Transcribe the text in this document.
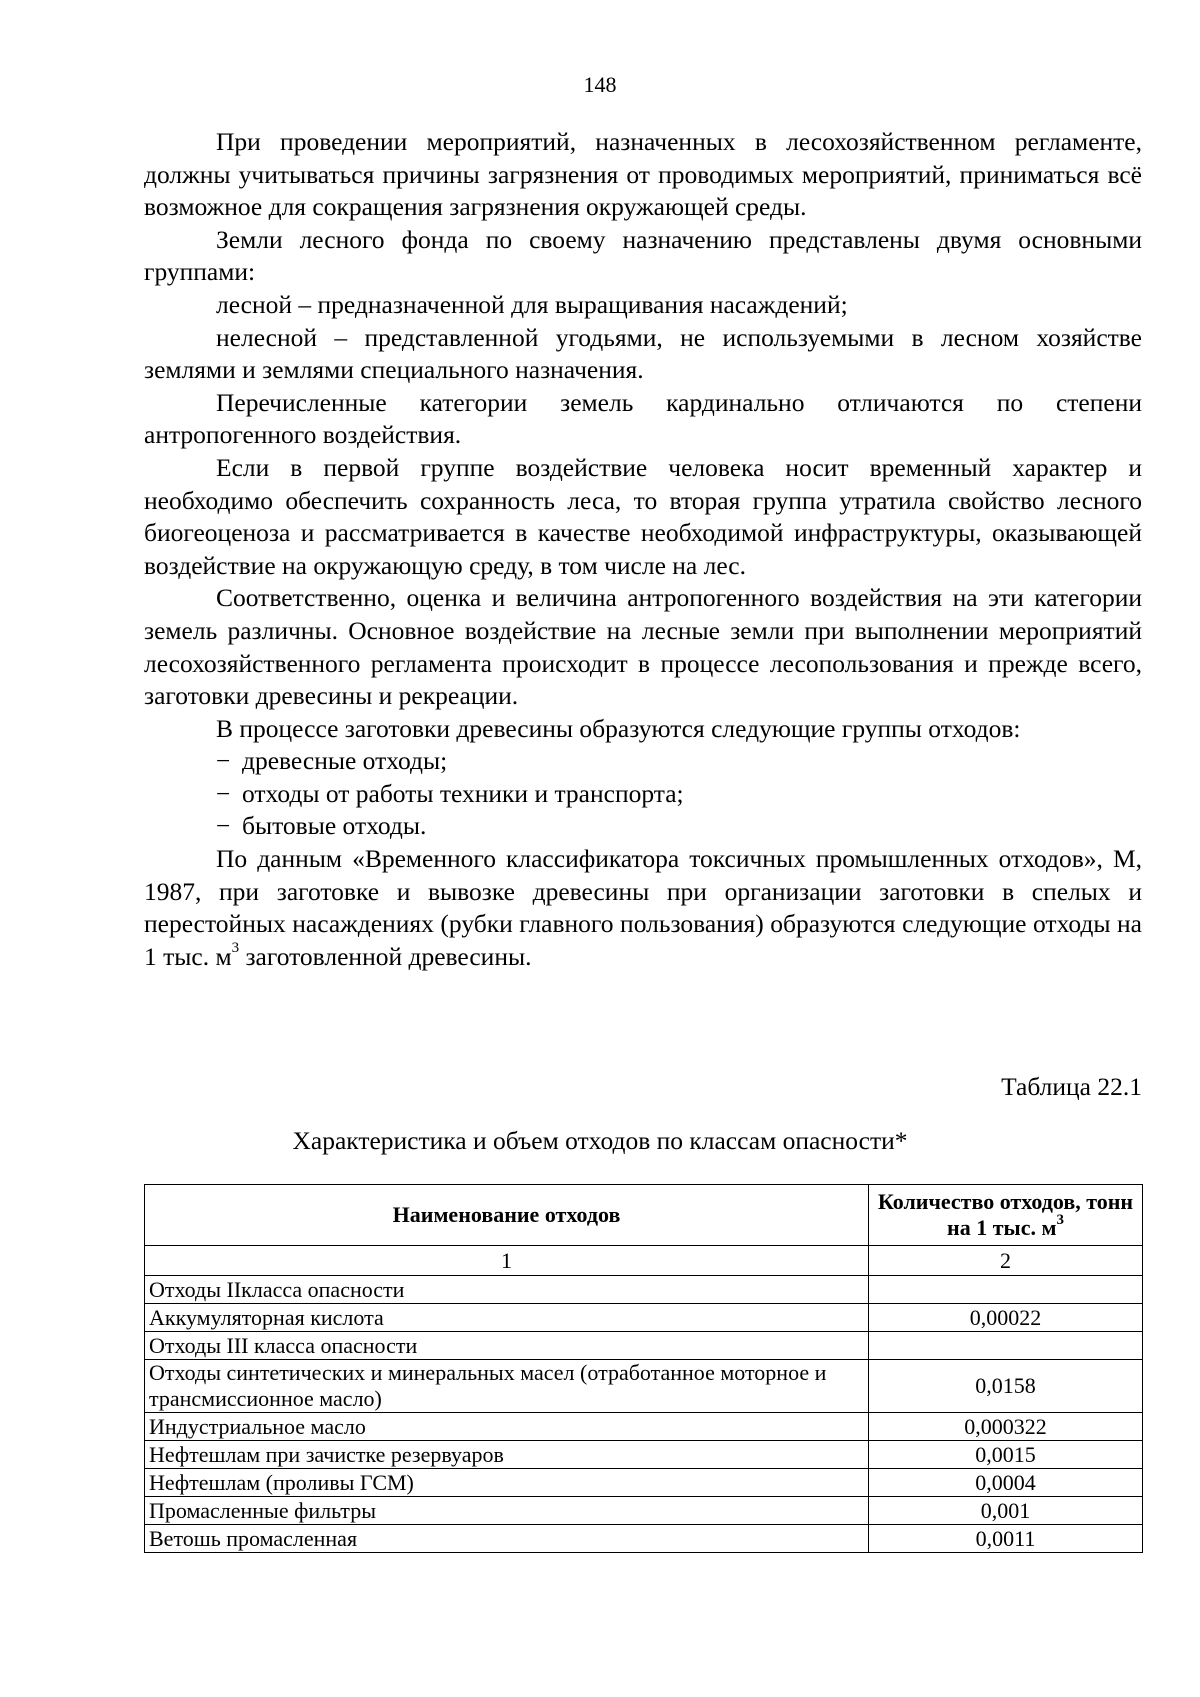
148

При проведении мероприятий, назначенных в лесохозяйственном регламенте, должны учитываться причины загрязнения от проводимых мероприятий, приниматься всё возможное для сокращения загрязнения окружающей среды.

Земли лесного фонда по своему назначению представлены двумя основными группами:

лесной – предназначенной для выращивания насаждений;

нелесной – представленной угодьями, не используемыми в лесном хозяйстве землями и землями специального назначения.

Перечисленные категории земель кардинально отличаются по степени антропогенного воздействия.

Если в первой группе воздействие человека носит временный характер и необходимо обеспечить сохранность леса, то вторая группа утратила свойство лесного биогеоценоза и рассматривается в качестве необходимой инфраструктуры, оказывающей воздействие на окружающую среду, в том числе на лес.

Соответственно, оценка и величина антропогенного воздействия на эти категории земель различны. Основное воздействие на лесные земли при выполнении мероприятий лесохозяйственного регламента происходит в процессе лесопользования и прежде всего, заготовки древесины и рекреации.

В процессе заготовки древесины образуются следующие группы отходов:

− древесные отходы;

− отходы от работы техники и транспорта;

− бытовые отходы.

По данным «Временного классификатора токсичных промышленных отходов», М, 1987, при заготовке и вывозке древесины при организации заготовки в спелых и перестойных насаждениях (рубки главного пользования) образуются следующие отходы на 1 тыс. $м^3$ заготовленной древесины.

Таблица 22.1
Характеристика и объем отходов по классам опасности*
Наименование отходов	Количество отходов, тонн на 1 тыс. $м^3$
1	2
Отходы IIкласса опасности	
Аккумуляторная кислота	0,00022
Отходы III класса опасности	
Отходы синтетических и минеральных масел (отработанное моторное и трансмиссионное масло)	0,0158
Индустриальное масло	0,000322
Нефтешлам при зачистке резервуаров	0,0015
Нефтешлам (проливы ГСМ)	0,0004
Промасленные фильтры	0,001
Ветошь промасленная	0,0011
